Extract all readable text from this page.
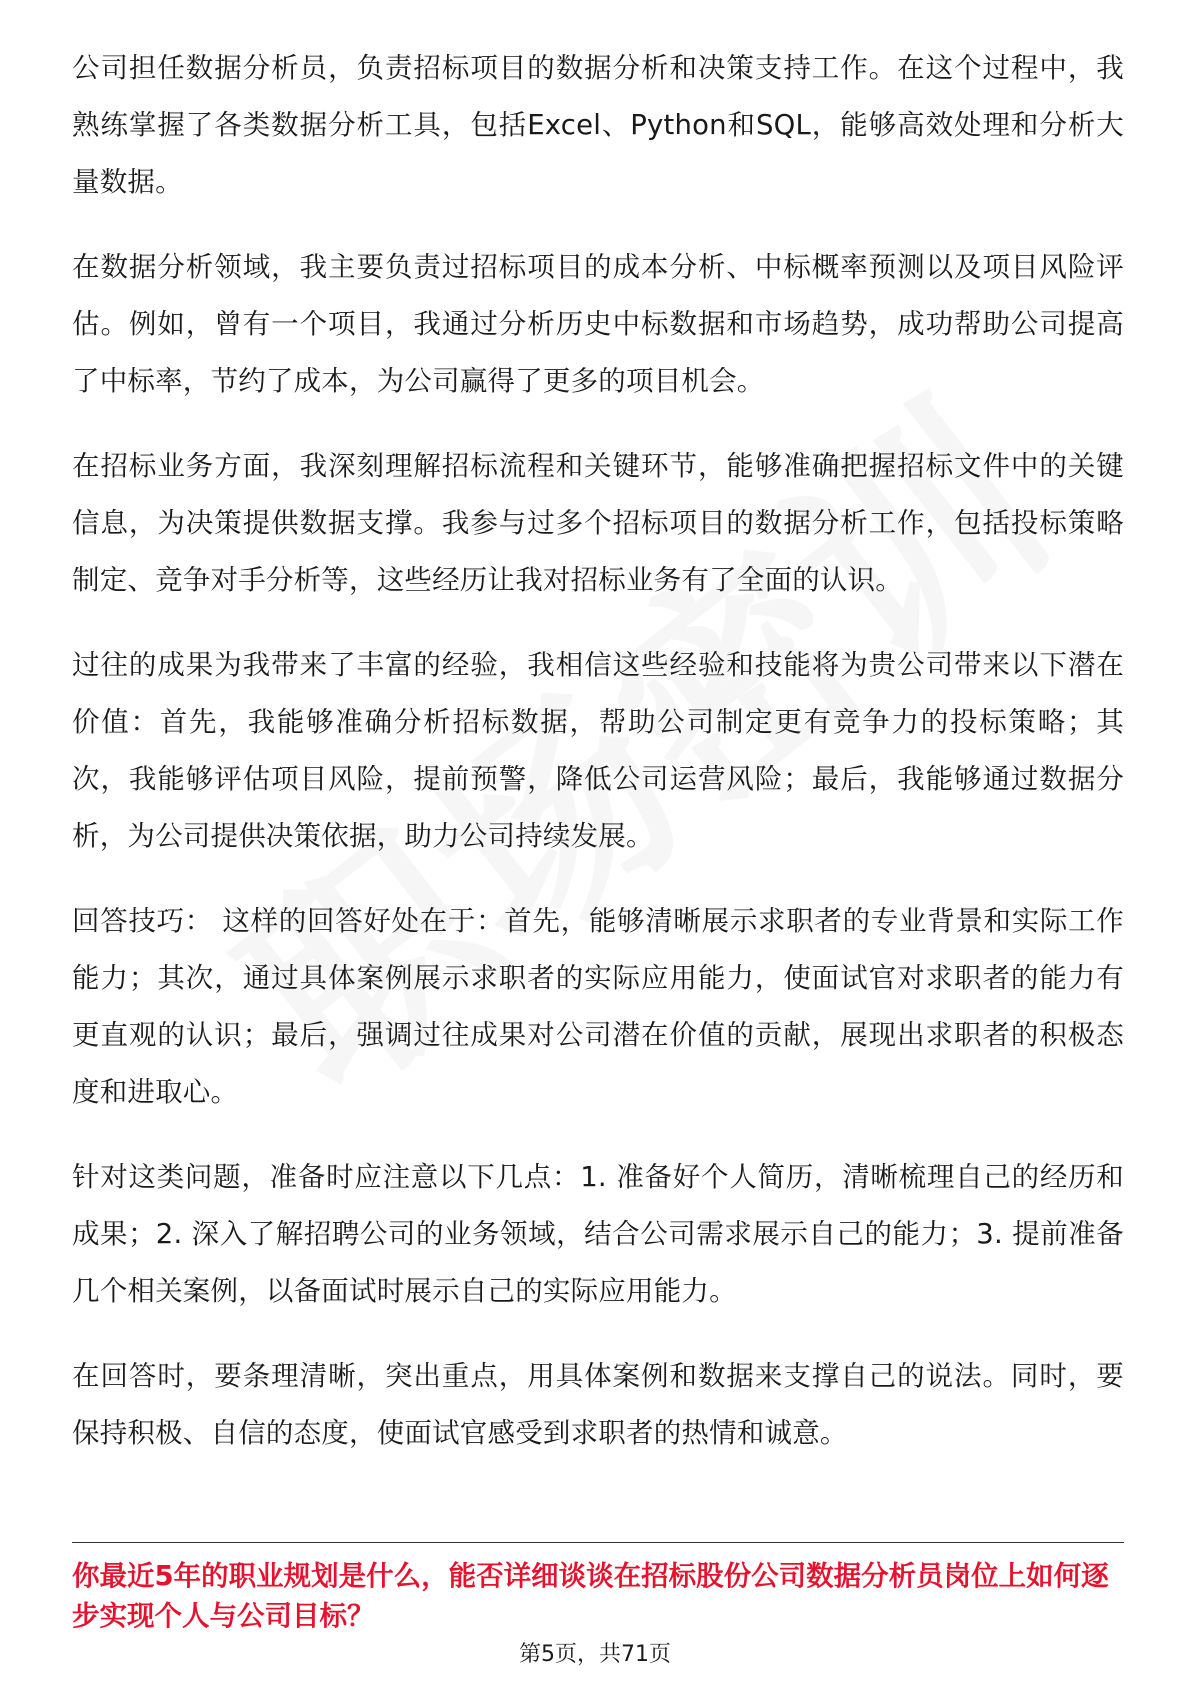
公司担任数据分析员，负责招标项目的数据分析和决策支持工作。在这个过程中，我熟练掌握了各类数据分析工具，包括Excel、Python和SQL，能够高效处理和分析大量数据。

在数据分析领域，我主要负责过招标项目的成本分析、中标概率预测以及项目风险评估。例如，曾有一个项目，我通过分析历史中标数据和市场趋势，成功帮助公司提高了中标率，节约了成本，为公司赢得了更多的项目机会。

在招标业务方面，我深刻理解招标流程和关键环节，能够准确把握招标文件中的关键信息，为决策提供数据支撑。我参与过多个招标项目的数据分析工作，包括投标策略制定、竞争对手分析等，这些经历让我对招标业务有了全面的认识。

过往的成果为我带来了丰富的经验，我相信这些经验和技能将为贵公司带来以下潜在价值：首先，我能够准确分析招标数据，帮助公司制定更有竞争力的投标策略；其次，我能够评估项目风险，提前预警，降低公司运营风险；最后，我能够通过数据分析，为公司提供决策依据，助力公司持续发展。

回答技巧： 这样的回答好处在于：首先，能够清晰展示求职者的专业背景和实际工作能力；其次，通过具体案例展示求职者的实际应用能力，使面试官对求职者的能力有更直观的认识；最后，强调过往成果对公司潜在价值的贡献，展现出求职者的积极态度和进取心。

针对这类问题，准备时应注意以下几点：1. 准备好个人简历，清晰梳理自己的经历和成果；2. 深入了解招聘公司的业务领域，结合公司需求展示自己的能力；3. 提前准备几个相关案例，以备面试时展示自己的实际应用能力。

在回答时，要条理清晰，突出重点，用具体案例和数据来支撑自己的说法。同时，要保持积极、自信的态度，使面试官感受到求职者的热情和诚意。

你最近5年的职业规划是什么，能否详细谈谈在招标股份公司数据分析员岗位上如何逐步实现个人与公司目标？

第5页，共71页
